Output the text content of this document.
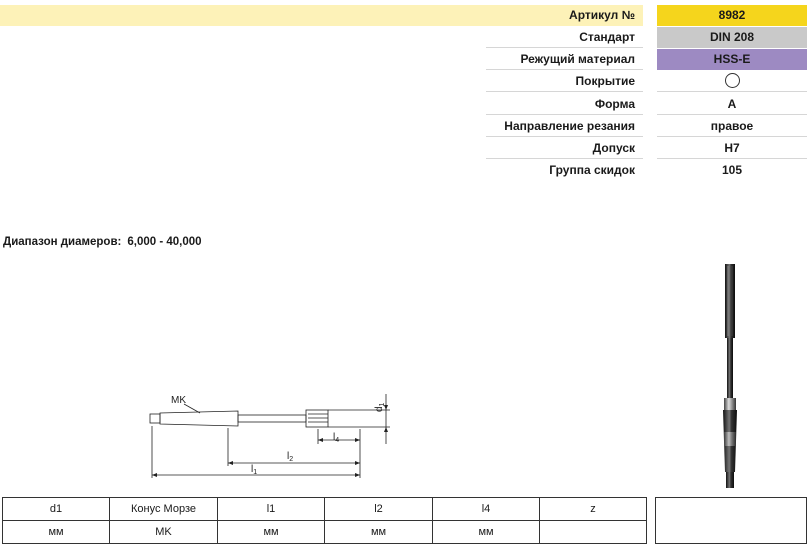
Артикул №	8982
Стандарт	DIN 208
Режущий материал	HSS-E
Покрытие
Форма	A
Направление резания	правое
Допуск	H7
Группа скидок	105
Диапазон диамеров: 6,000 - 40,000
MK
$d_1$
$l_4$
$l_2$
$l_1$
d1	Конус Морзе	l1	l2	l4	z
мм	MK	мм	мм	мм	
